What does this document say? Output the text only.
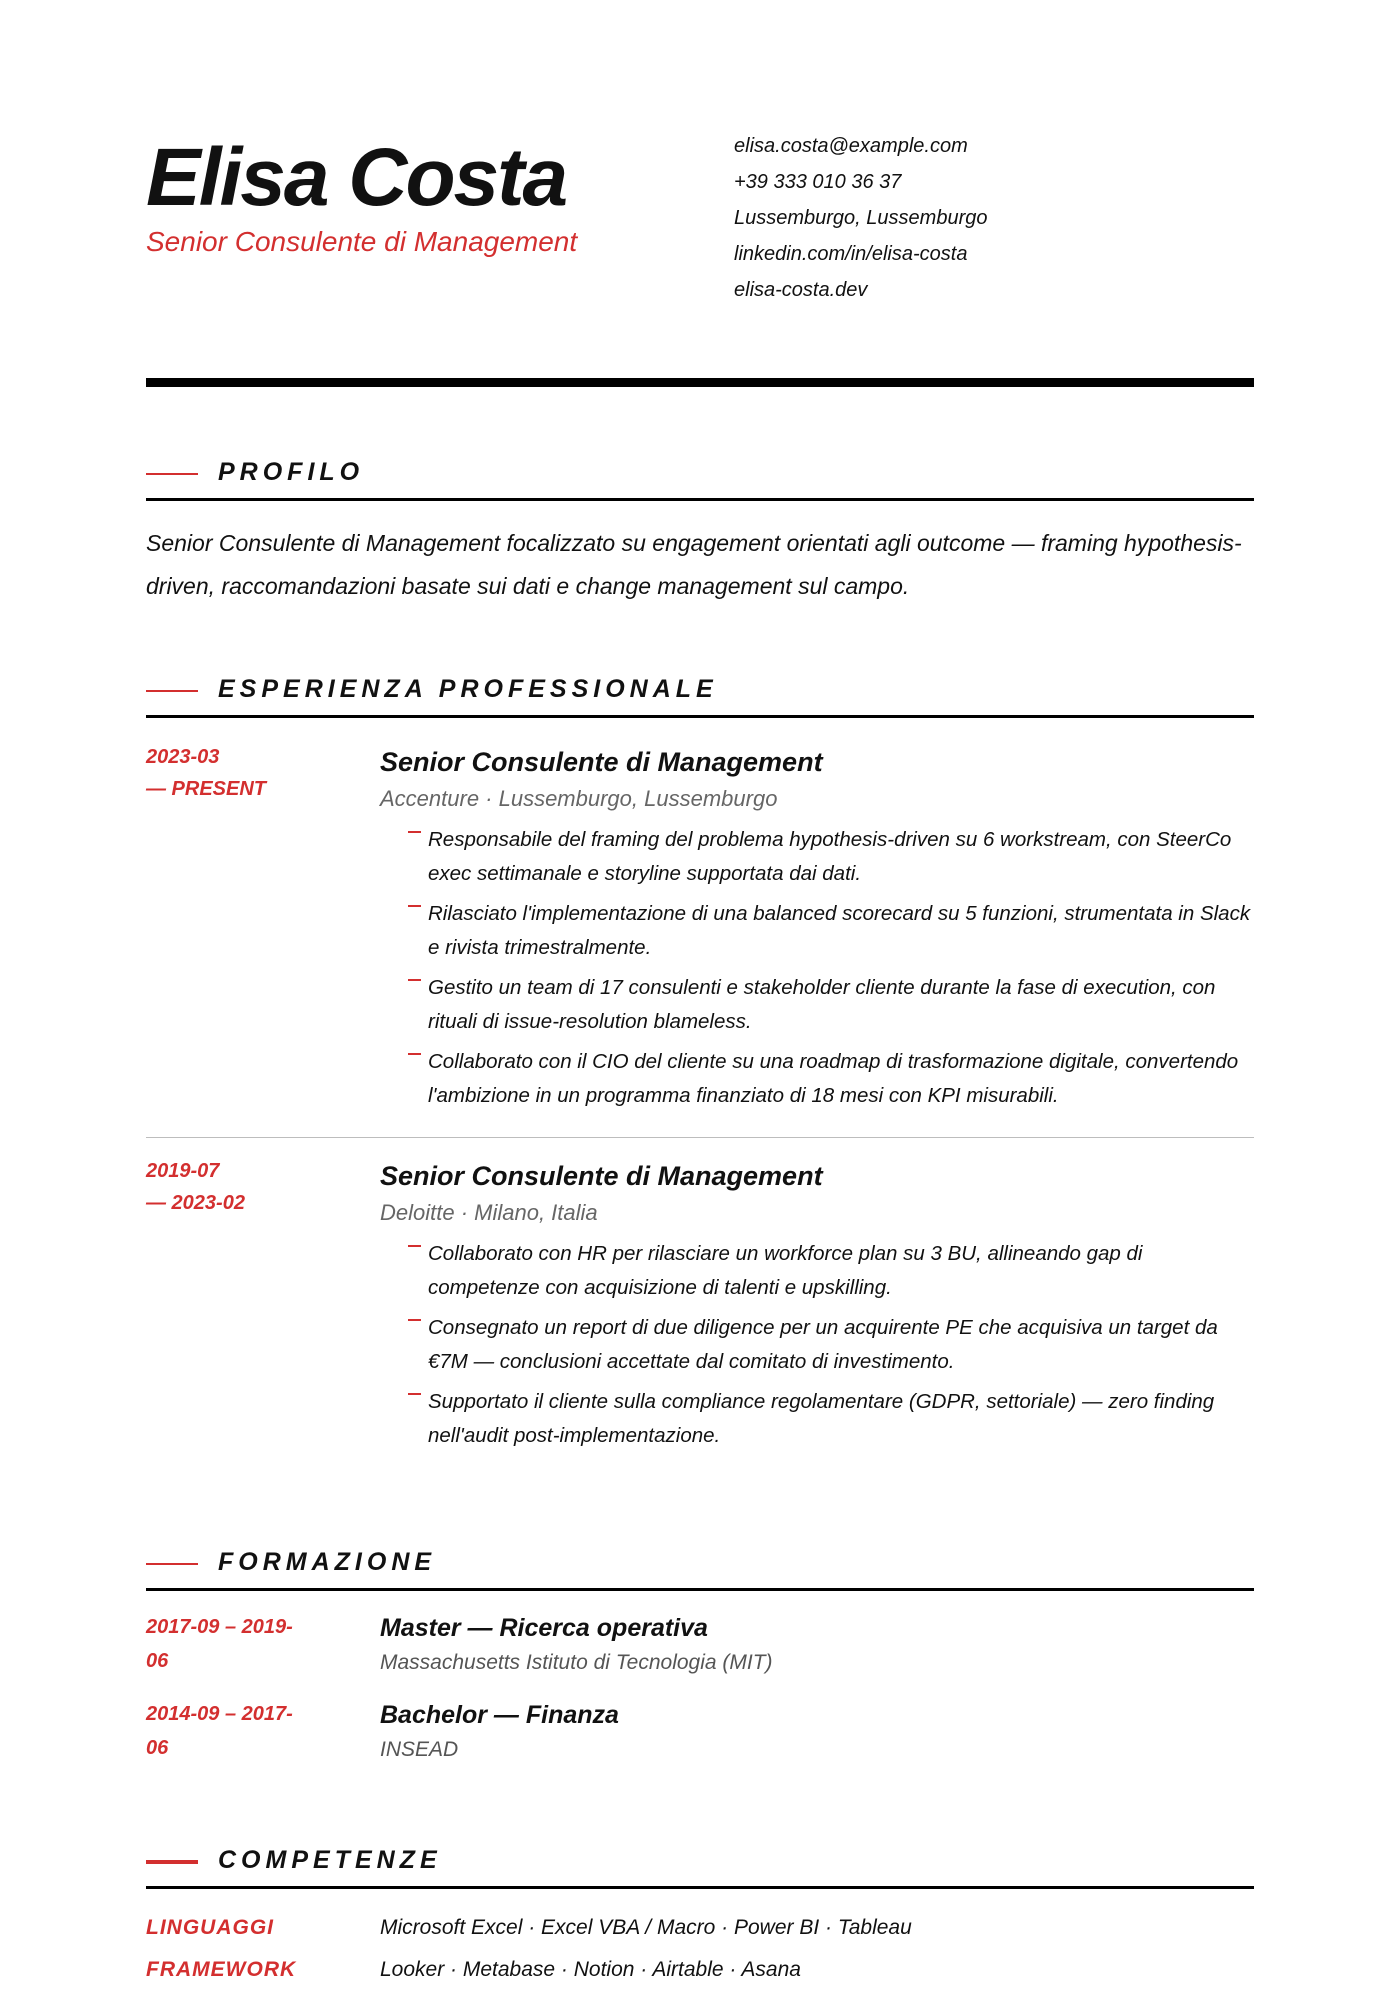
Elisa Costa
Senior Consulente di Management
elisa.costa@example.com
+39 333 010 36 37
Lussemburgo, Lussemburgo
linkedin.com/in/elisa-costa
elisa-costa.dev
PROFILO
Senior Consulente di Management focalizzato su engagement orientati agli outcome — framing hypothesis-driven, raccomandazioni basate sui dati e change management sul campo.
ESPERIENZA PROFESSIONALE
2023-03
— PRESENT
Senior Consulente di Management
Accenture · Lussemburgo, Lussemburgo
Responsabile del framing del problema hypothesis-driven su 6 workstream, con SteerCo exec settimanale e storyline supportata dai dati.
Rilasciato l'implementazione di una balanced scorecard su 5 funzioni, strumentata in Slack e rivista trimestralmente.
Gestito un team di 17 consulenti e stakeholder cliente durante la fase di execution, con rituali di issue-resolution blameless.
Collaborato con il CIO del cliente su una roadmap di trasformazione digitale, convertendo l'ambizione in un programma finanziato di 18 mesi con KPI misurabili.
2019-07
— 2023-02
Senior Consulente di Management
Deloitte · Milano, Italia
Collaborato con HR per rilasciare un workforce plan su 3 BU, allineando gap di competenze con acquisizione di talenti e upskilling.
Consegnato un report di due diligence per un acquirente PE che acquisiva un target da €7M — conclusioni accettate dal comitato di investimento.
Supportato il cliente sulla compliance regolamentare (GDPR, settoriale) — zero finding nell'audit post-implementazione.
FORMAZIONE
2017-09 – 2019-
06
Master — Ricerca operativa
Massachusetts Istituto di Tecnologia (MIT)
2014-09 – 2017-
06
Bachelor — Finanza
INSEAD
COMPETENZE
LINGUAGGI	Microsoft Excel · Excel VBA / Macro · Power BI · Tableau
FRAMEWORK	Looker · Metabase · Notion · Airtable · Asana
